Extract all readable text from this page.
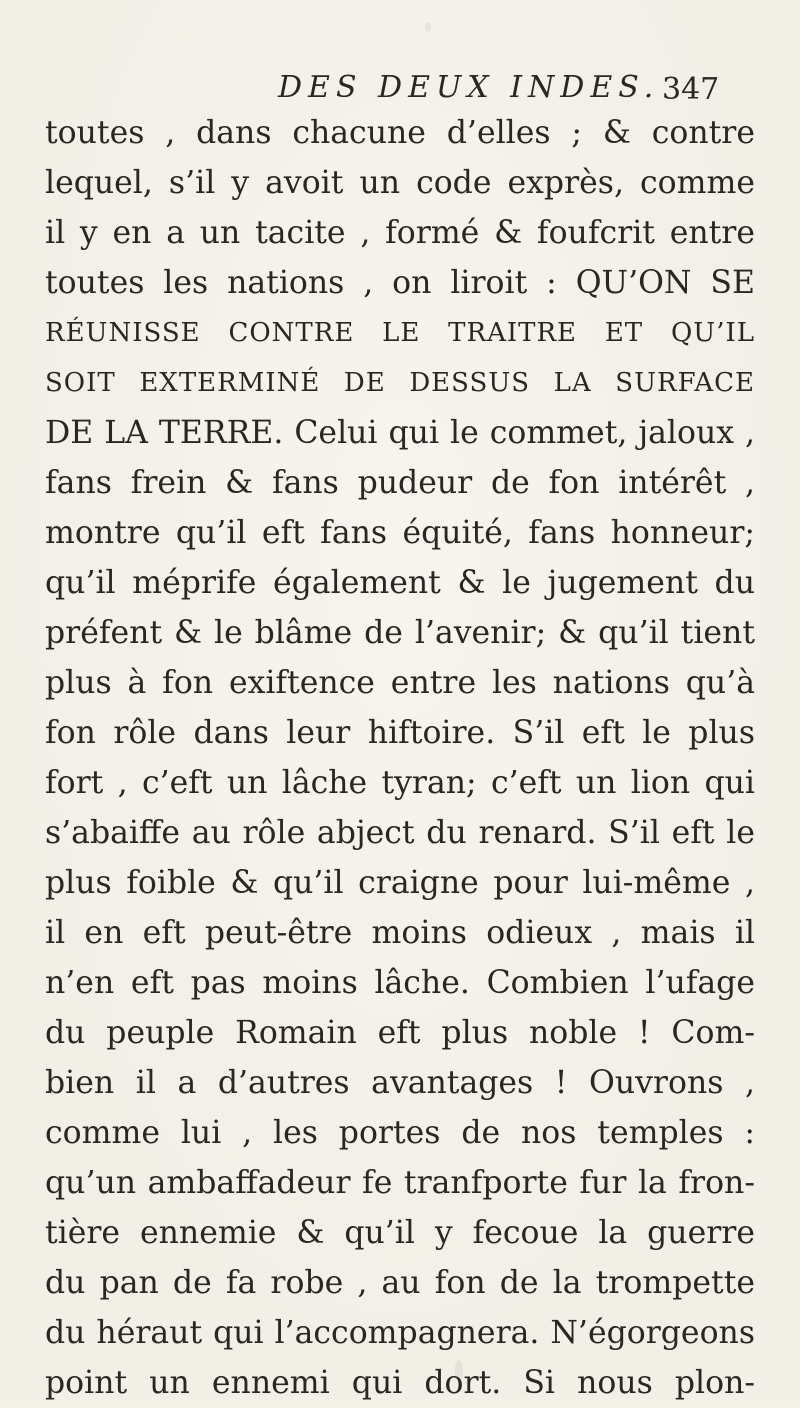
DES DEUX INDES. 347
toutes , dans chacune d’elles ; & contre
lequel, s’il y avoit un code exprès, comme
il y en a un tacite , formé & foufcrit entre
toutes les nations , on liroit : QU’ON SE
RÉUNISSE CONTRE LE TRAITRE ET QU’IL
SOIT EXTERMINÉ DE DESSUS LA SURFACE
DE LA TERRE. Celui qui le commet, jaloux ,
fans frein & fans pudeur de fon intérêt ,
montre qu’il eft fans équité, fans honneur;
qu’il méprife également & le jugement du
préfent & le blâme de l’avenir; & qu’il tient
plus à fon exiftence entre les nations qu’à
fon rôle dans leur hiftoire. S’il eft le plus
fort , c’eft un lâche tyran; c’eft un lion qui
s’abaiffe au rôle abject du renard. S’il eft le
plus foible & qu’il craigne pour lui-même ,
il en eft peut-être moins odieux , mais il
n’en eft pas moins lâche. Combien l’ufage
du peuple Romain eft plus noble ! Com-
bien il a d’autres avantages ! Ouvrons ,
comme lui , les portes de nos temples :
qu’un ambaffadeur fe tranfporte fur la fron-
tière ennemie & qu’il y fecoue la guerre
du pan de fa robe , au fon de la trompette
du héraut qui l’accompagnera. N’égorgeons
point un ennemi qui dort. Si nous plon-
